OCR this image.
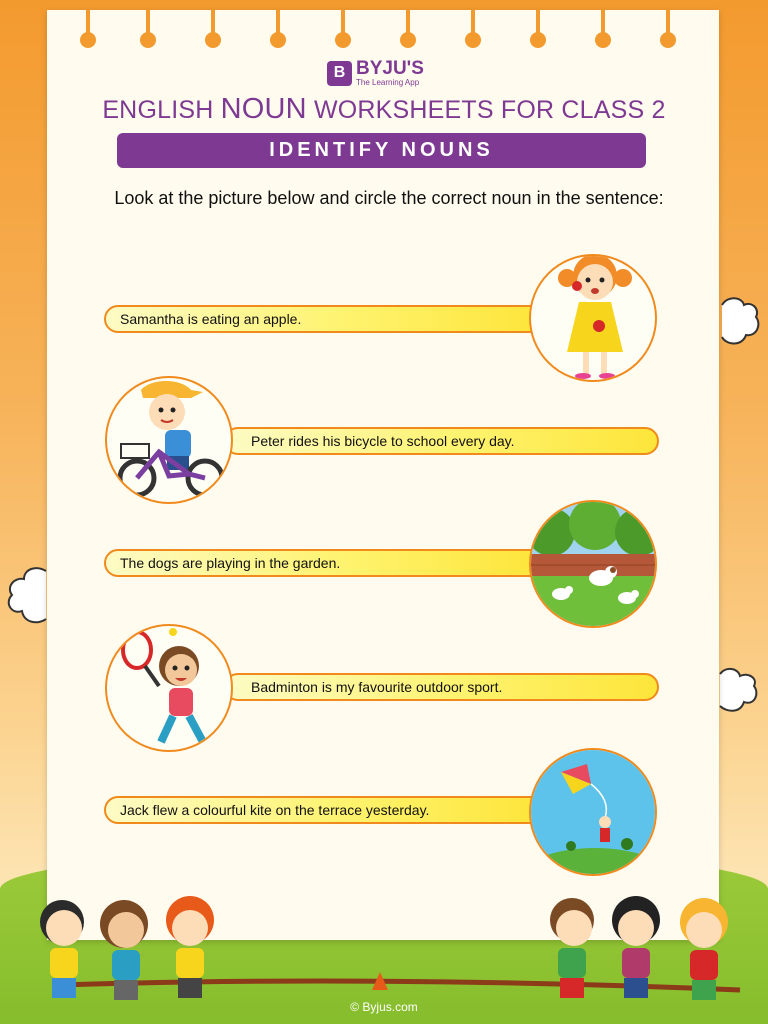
B BYJU'S
The Learning App
ENGLISH NOUN WORKSHEETS FOR CLASS 2
IDENTIFY NOUNS
Look at the picture below and circle the correct noun in the sentence:
Samantha is eating an apple.
Peter rides his bicycle to school every day.
The dogs are playing in the garden.
Badminton is my favourite outdoor sport.
Jack flew a colourful kite on the terrace yesterday.
© Byjus.com
